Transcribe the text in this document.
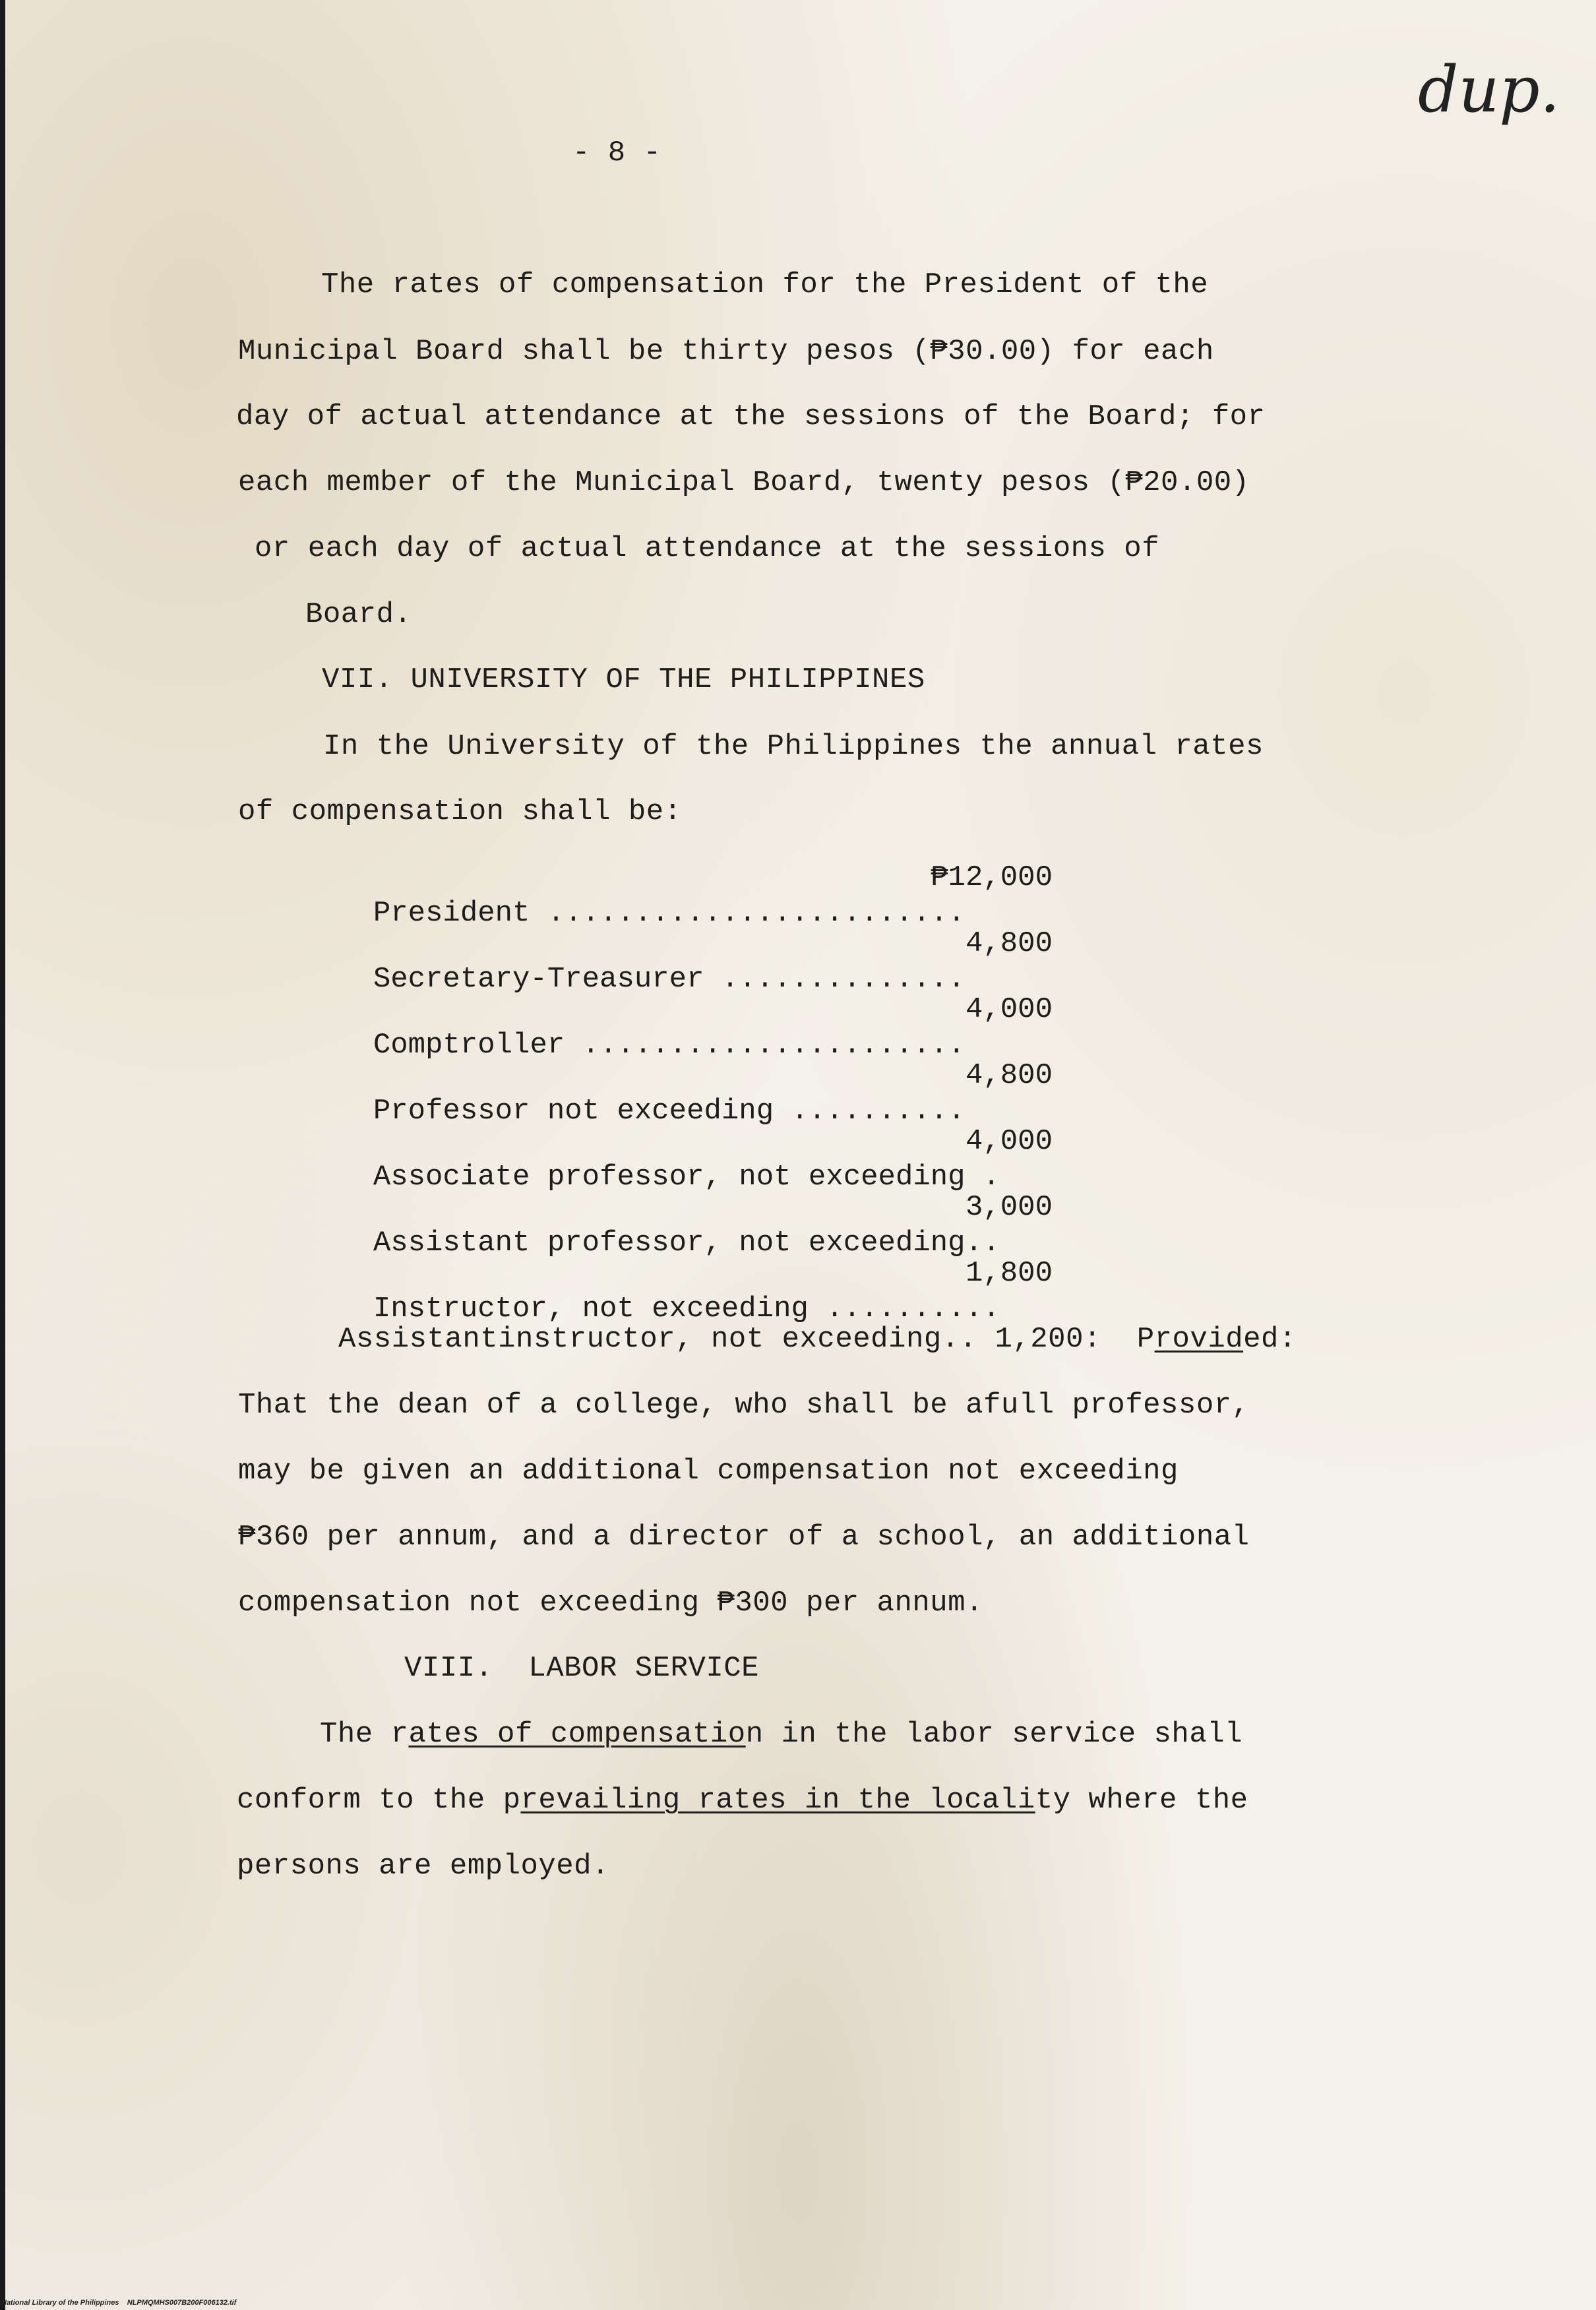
dup.
- 8 -
The rates of compensation for the President of the
Municipal Board shall be thirty pesos (₱30.00) for each
day of actual attendance at the sessions of the Board; for
each member of the Municipal Board, twenty pesos (₱20.00)
or each day of actual attendance at the sessions of
Board.
VII. UNIVERSITY OF THE PHILIPPINES
In the University of the Philippines the annual rates
of compensation shall be:

President ........................

₱12,000

Secretary-Treasurer ..............

4,800

Comptroller ......................

4,000

Professor not exceeding ..........

4,800

Associate professor, not exceeding .

4,000

Assistant professor, not exceeding..

3,000

Instructor, not exceeding ..........

1,800

Assistantinstructor, not exceeding.. 1,200:  Provided:
That the dean of a college, who shall be afull professor,
may be given an additional compensation not exceeding
₱360 per annum, and a director of a school, an additional
compensation not exceeding ₱300 per annum.
VIII.  LABOR SERVICE
The rates of compensation in the labor service shall
conform to the prevailing rates in the locality where the
persons are employed.
National Library of the Philippines    NLPMQMHS007B200F006132.tif
